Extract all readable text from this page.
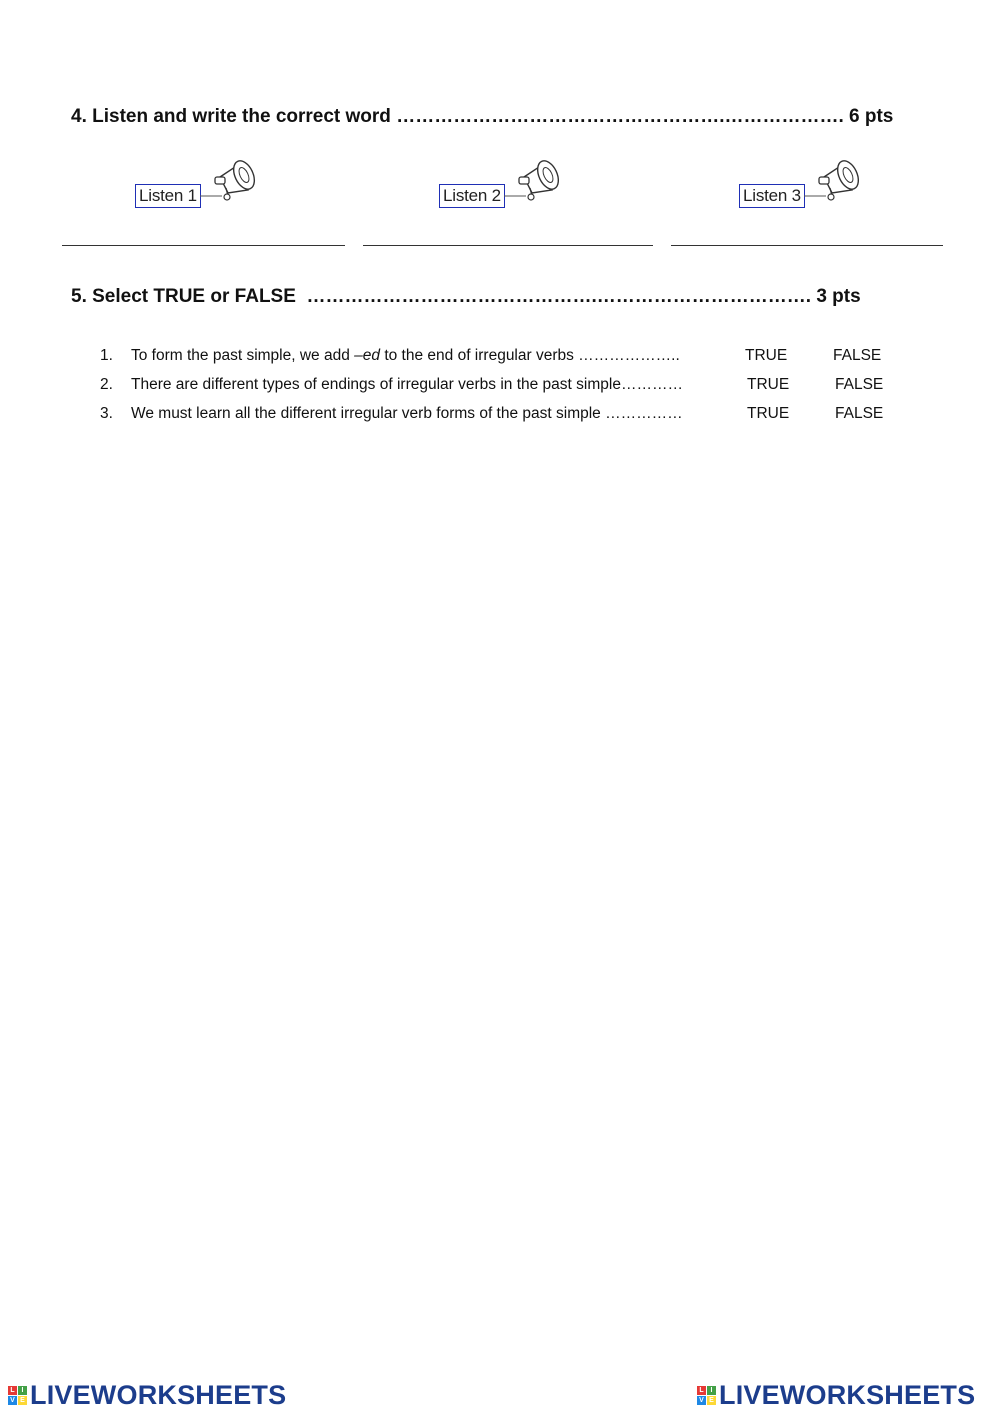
4. Listen and write the correct word …………………………………………….………………. 6 pts
Listen 1	Listen 2	Listen 3
5. Select TRUE or FALSE ……………………………………….……………………………. 3 pts
1. To form the past simple, we add –ed to the end of irregular verbs ………………..	TRUE	FALSE
2. There are different types of endings of irregular verbs in the past simple…………	TRUE	FALSE
3. We must learn all the different irregular verb forms of the past simple ……………	TRUE	FALSE
L I
V E LIVEWORKSHEETS	L I
V E LIVEWORKSHEETS
